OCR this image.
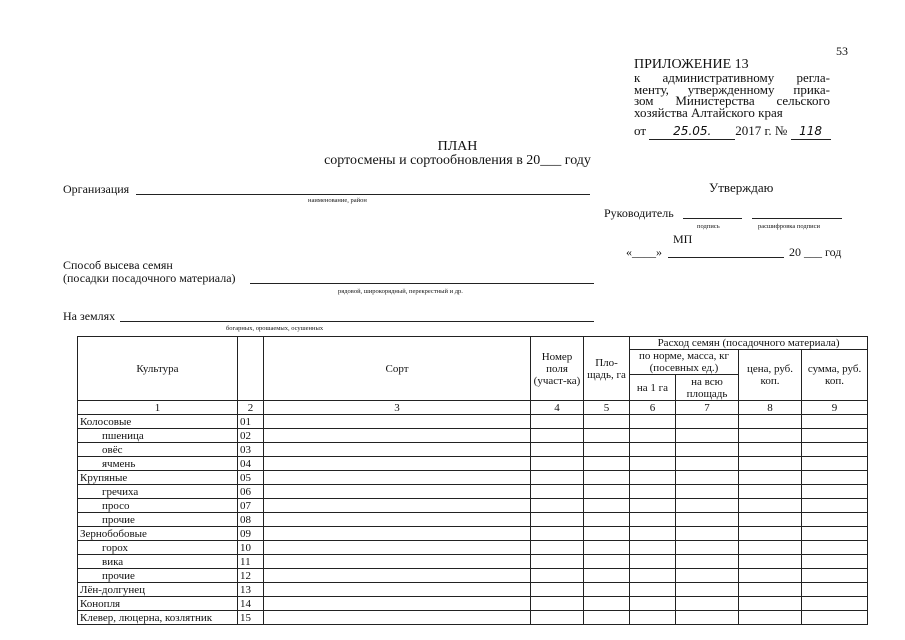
53
ПРИЛОЖЕНИЕ 13
к административному регла-
менту, утвержденному прика-
зом Министерства сельского
хозяйства Алтайского края
от 25.05. 2017 г. № 118
ПЛАН
сортосмены и сортообновления в 20___ году
Организация
наименование, район
Утверждаю
Руководитель
подпись	расшифровка подписи
МП
«____»	20 ___ год
Способ высева семян
(посадки посадочного материала)
рядовой, широкорядный, перекрестный и др.
На землях
богарных, орошаемых, осушенных
Культура		Сорт	Номер поля (участ-ка)	Пло-щадь, га	Расход семян (посадочного материала)			
					по норме, масса, кг (посевных ед.)		цена, руб. коп.	сумма, руб. коп.
					на 1 га	на всю площадь		
1	2	3	4	5	6	7	8	9
Колосовые	01							
пшеница	02							
овёс	03							
ячмень	04							
Крупяные	05							
гречиха	06							
просо	07							
прочие	08							
Зернобобовые	09							
горох	10							
вика	11							
прочие	12							
Лён-долгунец	13							
Конопля	14							
Клевер, люцерна, козлятник	15							
